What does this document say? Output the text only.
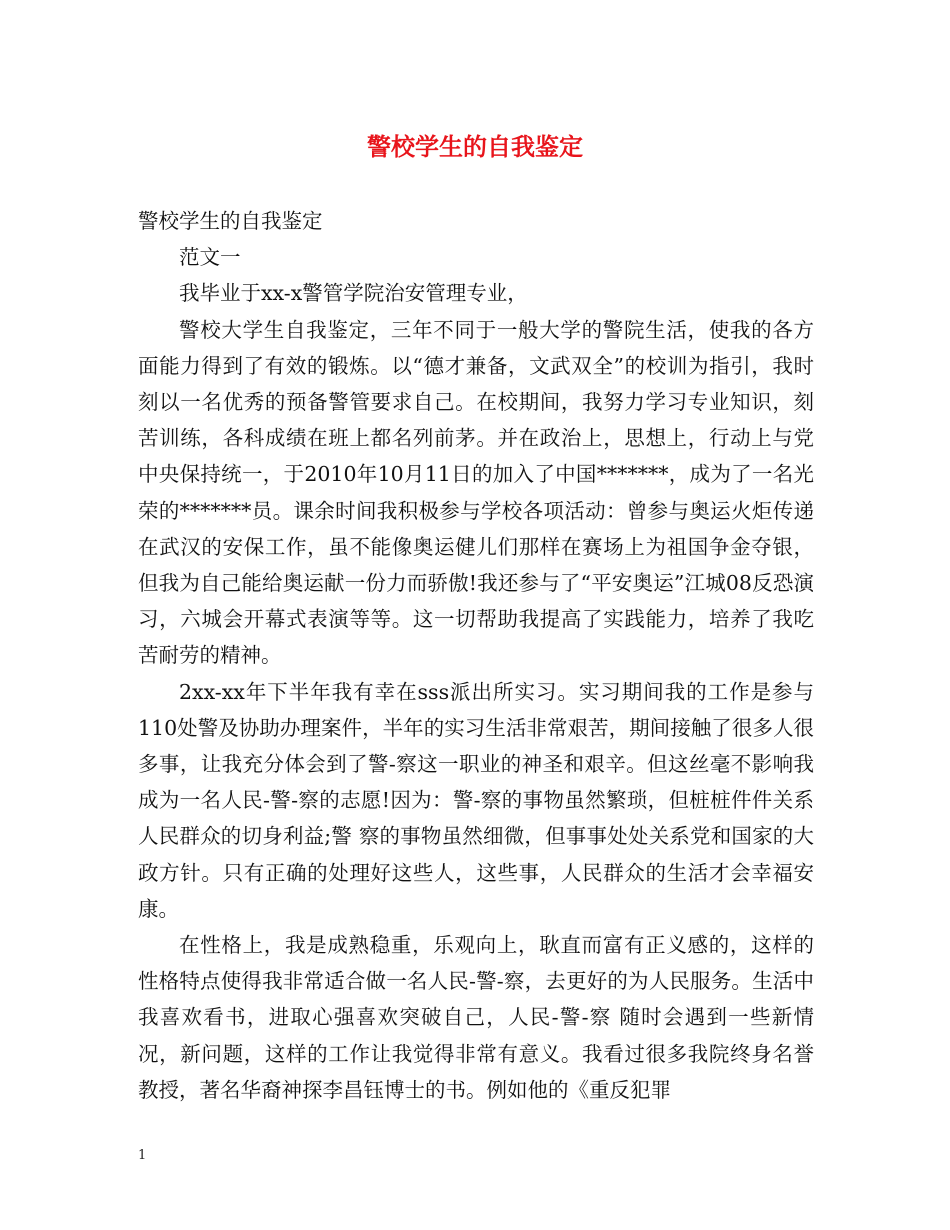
警校学生的自我鉴定

警校学生的自我鉴定

范文一

我毕业于xx-x警管学院治安管理专业，

警校大学生自我鉴定，三年不同于一般大学的警院生活，使我的各方面能力得到了有效的锻炼。以“德才兼备，文武双全”的校训为指引，我时刻以一名优秀的预备警管要求自己。在校期间，我努力学习专业知识，刻苦训练，各科成绩在班上都名列前茅。并在政治上，思想上，行动上与党中央保持统一，于2010年10月11日的加入了中国*******，成为了一名光荣的*******员。课余时间我积极参与学校各项活动：曾参与奥运火炬传递在武汉的安保工作，虽不能像奥运健儿们那样在赛场上为祖国争金夺银，但我为自己能给奥运献一份力而骄傲!我还参与了“平安奥运”江城08反恐演习，六城会开幕式表演等等。这一切帮助我提高了实践能力，培养了我吃苦耐劳的精神。

2xx-xx年下半年我有幸在sss派出所实习。实习期间我的工作是参与110处警及协助办理案件，半年的实习生活非常艰苦，期间接触了很多人很多事，让我充分体会到了警-察这一职业的神圣和艰辛。但这丝毫不影响我成为一名人民-警-察的志愿!因为：警-察的事物虽然繁琐，但桩桩件件关系人民群众的切身利益;警 察的事物虽然细微，但事事处处关系党和国家的大政方针。只有正确的处理好这些人，这些事，人民群众的生活才会幸福安康。

在性格上，我是成熟稳重，乐观向上，耿直而富有正义感的，这样的性格特点使得我非常适合做一名人民-警-察，去更好的为人民服务。生活中我喜欢看书，进取心强喜欢突破自己，人民-警-察 随时会遇到一些新情况，新问题，这样的工作让我觉得非常有意义。我看过很多我院终身名誉教授，著名华裔神探李昌钰博士的书。例如他的《重反犯罪

1
